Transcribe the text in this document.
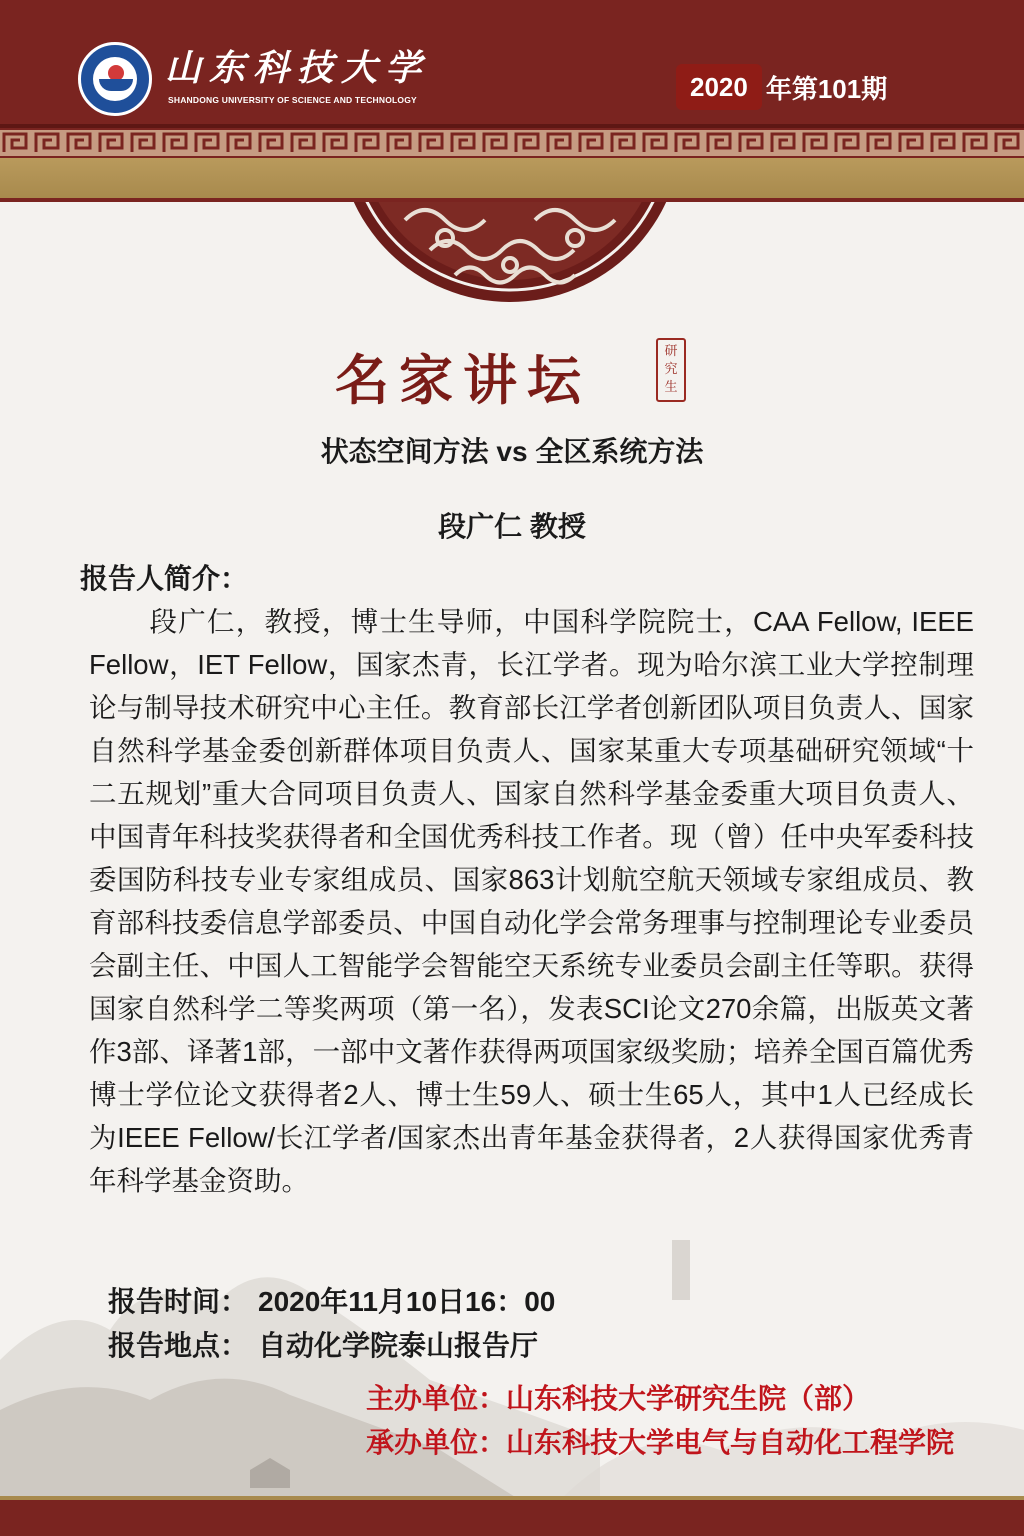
山东科技大学
SHANDONG UNIVERSITY OF SCIENCE AND TECHNOLOGY	2020 年第101期
名家讲坛	研
究
生
状态空间方法 vs 全区系统方法
段广仁 教授
报告人简介：
段广仁，教授，博士生导师，中国科学院院士，CAA Fellow, IEEE Fellow，IET Fellow，国家杰青，长江学者。现为哈尔滨工业大学控制理论与制导技术研究中心主任。教育部长江学者创新团队项目负责人、国家自然科学基金委创新群体项目负责人、国家某重大专项基础研究领域“十二五规划”重大合同项目负责人、国家自然科学基金委重大项目负责人、中国青年科技奖获得者和全国优秀科技工作者。现（曾）任中央军委科技委国防科技专业专家组成员、国家863计划航空航天领域专家组成员、教育部科技委信息学部委员、中国自动化学会常务理事与控制理论专业委员会副主任、中国人工智能学会智能空天系统专业委员会副主任等职。获得国家自然科学二等奖两项（第一名），发表SCI论文270余篇，出版英文著作3部、译著1部，一部中文著作获得两项国家级奖励；培养全国百篇优秀博士学位论文获得者2人、博士生59人、硕士生65人，其中1人已经成长为IEEE Fellow/长江学者/国家杰出青年基金获得者，2人获得国家优秀青年科学基金资助。
报告时间： 2020年11月10日16：00
报告地点： 自动化学院泰山报告厅
主办单位：山东科技大学研究生院（部）
承办单位：山东科技大学电气与自动化工程学院
